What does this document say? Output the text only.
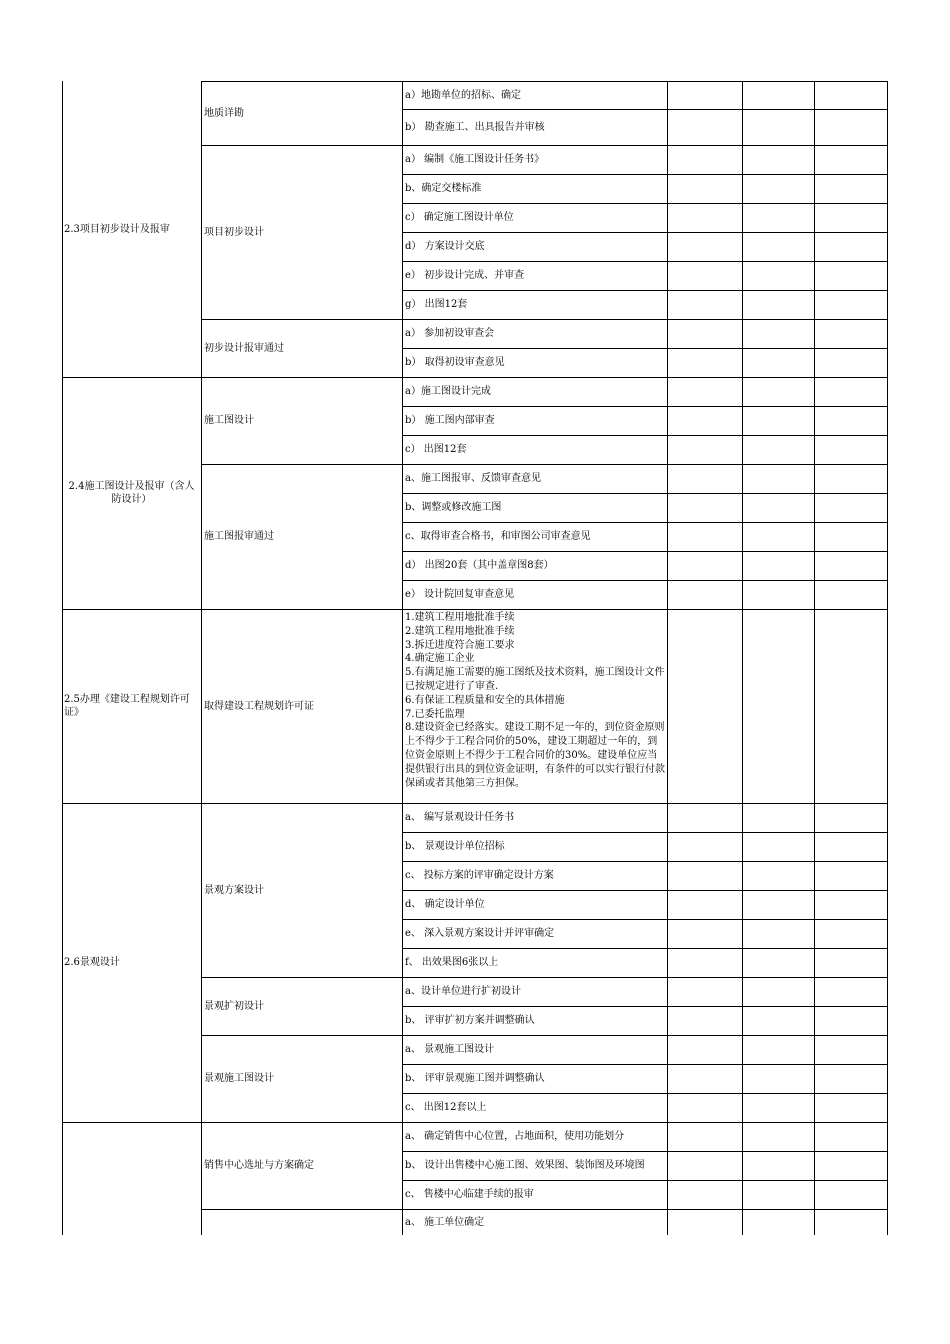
a）地勘单位的招标、确定
b） 勘查施工、出具报告并审核
地质详勘
a） 编制《施工图设计任务书》
b、确定交楼标准
c） 确定施工图设计单位
d） 方案设计交底
e） 初步设计完成、并审查
g） 出图12套
项目初步设计
a） 参加初设审查会
b） 取得初设审查意见
初步设计报审通过
2.3项目初步设计及报审
a）施工图设计完成
b） 施工图内部审查
c） 出图12套
施工图设计
a、施工图报审、反馈审查意见
b、调整或修改施工图
c、取得审查合格书，和审图公司审查意见
d） 出图20套（其中盖章图8套）
e） 设计院回复审查意见
施工图报审通过
2.4施工图设计及报审（含人防设计）
1.建筑工程用地批准手续
2.建筑工程用地批准手续
3.拆迁进度符合施工要求
4.确定施工企业
5.有满足施工需要的施工图纸及技术资料，施工图设计文件已按规定进行了审查.
6.有保证工程质量和安全的具体措施
7.已委托监理
8.建设资金已经落实。建设工期不足一年的，到位资金原则上不得少于工程合同价的50%，建设工期超过一年的，到位资金原则上不得少于工程合同价的30%。建设单位应当提供银行出具的到位资金证明，有条件的可以实行银行付款保函或者其他第三方担保。
取得建设工程规划许可证
2.5办理《建设工程规划许可证》
a、 编写景观设计任务书
b、 景观设计单位招标
c、 投标方案的评审确定设计方案
d、 确定设计单位
e、 深入景观方案设计并评审确定
f、 出效果图6张以上
景观方案设计
a、设计单位进行扩初设计
b、 评审扩初方案并调整确认
景观扩初设计
a、 景观施工图设计
b、 评审景观施工图并调整确认
c、 出图12套以上
景观施工图设计
2.6景观设计
a、 确定销售中心位置，占地面积，使用功能划分
b、 设计出售楼中心施工图、效果图、装饰图及环境图
c、 售楼中心临建手续的报审
销售中心选址与方案确定
a、 施工单位确定
